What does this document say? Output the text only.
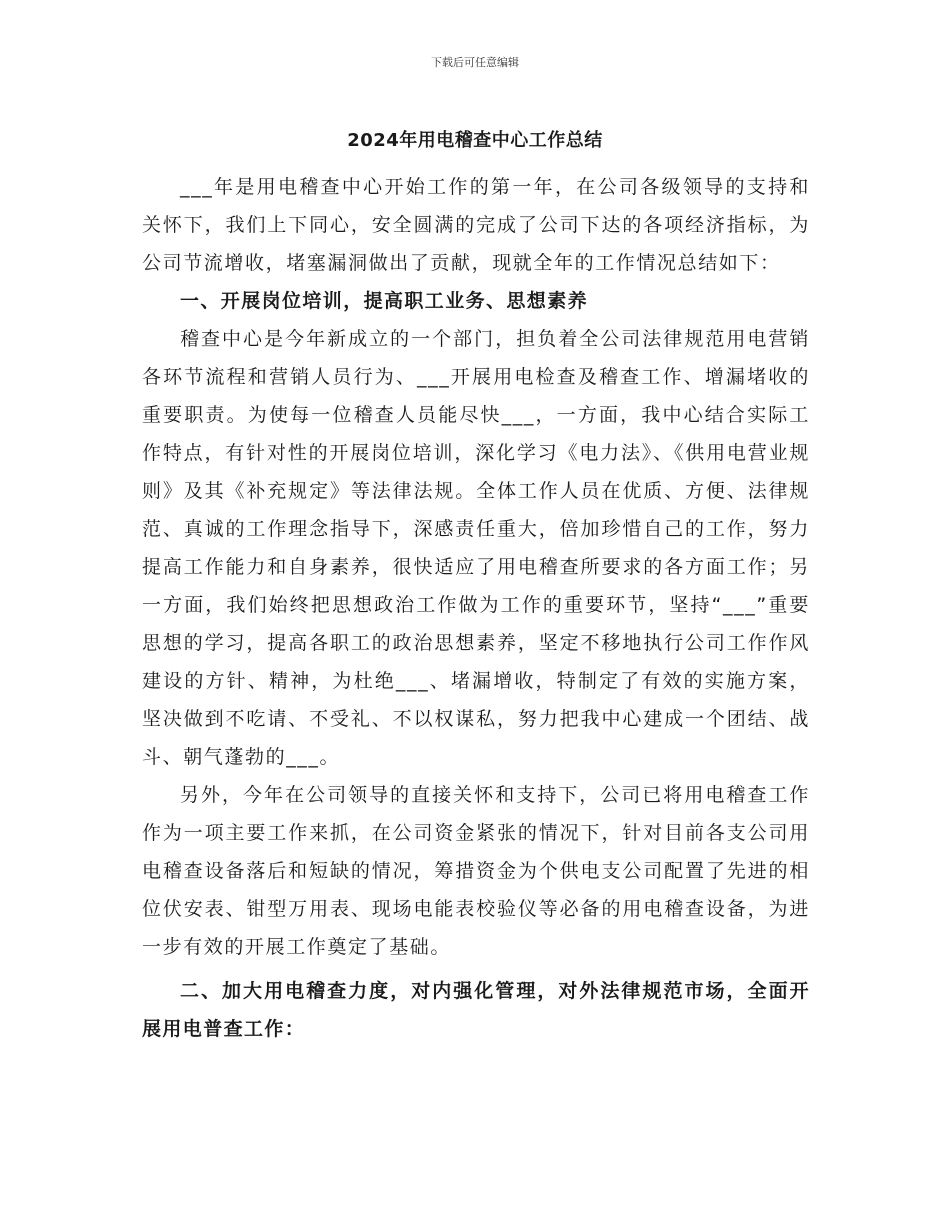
下载后可任意编辑
2024年用电稽查中心工作总结

___年是用电稽查中心开始工作的第一年，在公司各级领导的支持和关怀下，我们上下同心，安全圆满的完成了公司下达的各项经济指标，为公司节流增收，堵塞漏洞做出了贡献，现就全年的工作情况总结如下：

一、开展岗位培训，提高职工业务、思想素养

稽查中心是今年新成立的一个部门，担负着全公司法律规范用电营销各环节流程和营销人员行为、___开展用电检查及稽查工作、增漏堵收的重要职责。为使每一位稽查人员能尽快___，一方面，我中心结合实际工作特点，有针对性的开展岗位培训，深化学习《电力法》、《供用电营业规则》及其《补充规定》等法律法规。全体工作人员在优质、方便、法律规范、真诚的工作理念指导下，深感责任重大，倍加珍惜自己的工作，努力提高工作能力和自身素养，很快适应了用电稽查所要求的各方面工作；另一方面，我们始终把思想政治工作做为工作的重要环节，坚持“___”重要思想的学习，提高各职工的政治思想素养，坚定不移地执行公司工作作风建设的方针、精神，为杜绝___、堵漏增收，特制定了有效的实施方案，坚决做到不吃请、不受礼、不以权谋私，努力把我中心建成一个团结、战斗、朝气蓬勃的___。

另外，今年在公司领导的直接关怀和支持下，公司已将用电稽查工作作为一项主要工作来抓，在公司资金紧张的情况下，针对目前各支公司用电稽查设备落后和短缺的情况，筹措资金为个供电支公司配置了先进的相位伏安表、钳型万用表、现场电能表校验仪等必备的用电稽查设备，为进一步有效的开展工作奠定了基础。

二、加大用电稽查力度，对内强化管理，对外法律规范市场，全面开展用电普查工作：
